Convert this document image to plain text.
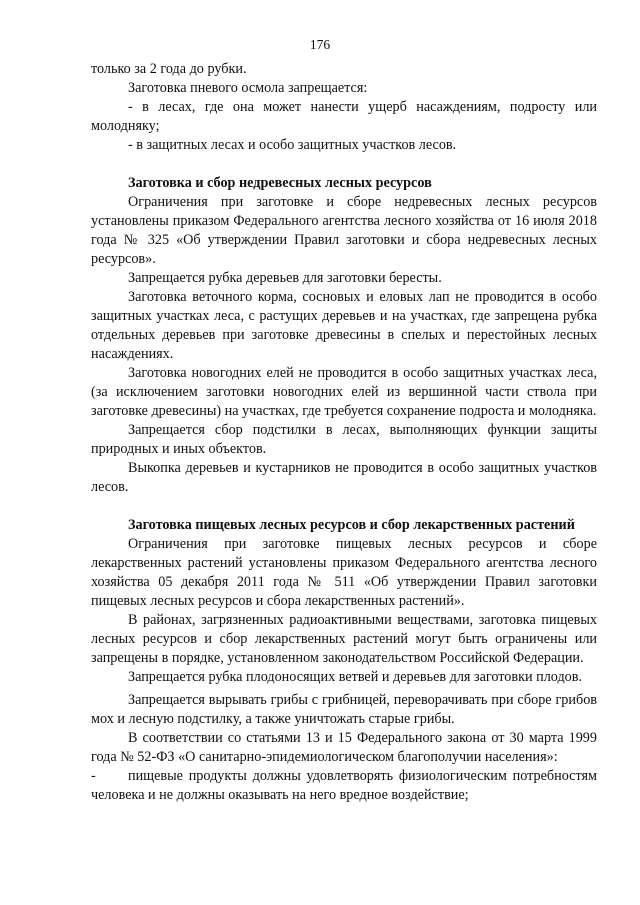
176

только за 2 года до рубки.

Заготовка пневого осмола запрещается:

- в лесах, где она может нанести ущерб насаждениям, подросту или молодняку;

- в защитных лесах и особо защитных участков лесов.

Заготовка и сбор недревесных лесных ресурсов

Ограничения при заготовке и сборе недревесных лесных ресурсов установлены приказом Федерального агентства лесного хозяйства от 16 июля 2018 года № 325 «Об утверждении Правил заготовки и сбора недревесных лесных ресурсов».

Запрещается рубка деревьев для заготовки бересты.

Заготовка веточного корма, сосновых и еловых лап не проводится в особо защитных участках леса, с растущих деревьев и на участках, где запрещена рубка отдельных деревьев при заготовке древесины в спелых и перестойных лесных насаждениях.

Заготовка новогодних елей не проводится в особо защитных участках леса, (за исключением заготовки новогодних елей из вершинной части ствола при заготовке древесины) на участках, где требуется сохранение подроста и молодняка.

Запрещается сбор подстилки в лесах, выполняющих функции защиты природных и иных объектов.

Выкопка деревьев и кустарников не проводится в особо защитных участков лесов.

Заготовка пищевых лесных ресурсов и сбор лекарственных растений

Ограничения при заготовке пищевых лесных ресурсов и сборе лекарственных растений установлены приказом Федерального агентства лесного хозяйства 05 декабря 2011 года № 511 «Об утверждении Правил заготовки пищевых лесных ресурсов и сбора лекарственных растений».

В районах, загрязненных радиоактивными веществами, заготовка пищевых лесных ресурсов и сбор лекарственных растений могут быть ограничены или запрещены в порядке, установленном законодательством Российской Федерации.

Запрещается рубка плодоносящих ветвей и деревьев для заготовки плодов.

Запрещается вырывать грибы с грибницей, переворачивать при сборе грибов мох и лесную подстилку, а также уничтожать старые грибы.

В соответствии со статьями 13 и 15 Федерального закона от 30 марта 1999 года № 52-ФЗ «О санитарно-эпидемиологическом благополучии населения»:

- пищевые продукты должны удовлетворять физиологическим потребностям человека и не должны оказывать на него вредное воздействие;
